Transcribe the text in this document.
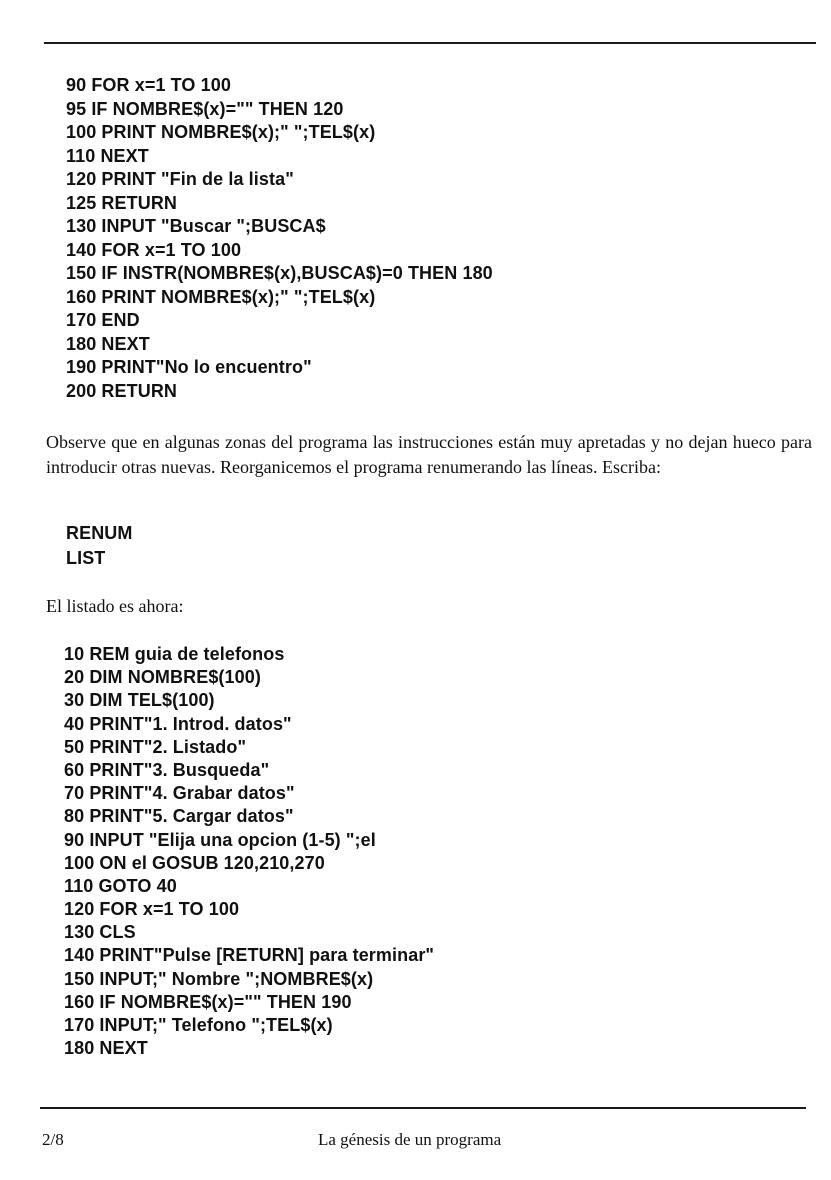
90 FOR x=1 TO 100
95 IF NOMBRE$(x)="" THEN 120
100 PRINT NOMBRE$(x);" ";TEL$(x)
110 NEXT
120 PRINT "Fin de la lista"
125 RETURN
130 INPUT "Buscar ";BUSCA$
140 FOR x=1 TO 100
150 IF INSTR(NOMBRE$(x),BUSCA$)=0 THEN 180
160 PRINT NOMBRE$(x);" ";TEL$(x)
170 END
180 NEXT
190 PRINT"No lo encuentro"
200 RETURN

Observe que en algunas zonas del programa las instrucciones están muy apretadas y no dejan hueco para introducir otras nuevas. Reorganicemos el programa renumerando las líneas. Escriba:

RENUM
LIST

El listado es ahora:

10 REM guia de telefonos
20 DIM NOMBRE$(100)
30 DIM TEL$(100)
40 PRINT"1. Introd. datos"
50 PRINT"2. Listado"
60 PRINT"3. Busqueda"
70 PRINT"4. Grabar datos"
80 PRINT"5. Cargar datos"
90 INPUT "Elija una opcion (1-5) ";el
100 ON el GOSUB 120,210,270
110 GOTO 40
120 FOR x=1 TO 100
130 CLS
140 PRINT"Pulse [RETURN] para terminar"
150 INPUT;" Nombre ";NOMBRE$(x)
160 IF NOMBRE$(x)="" THEN 190
170 INPUT;" Telefono ";TEL$(x)
180 NEXT
2/8	La génesis de un programa
